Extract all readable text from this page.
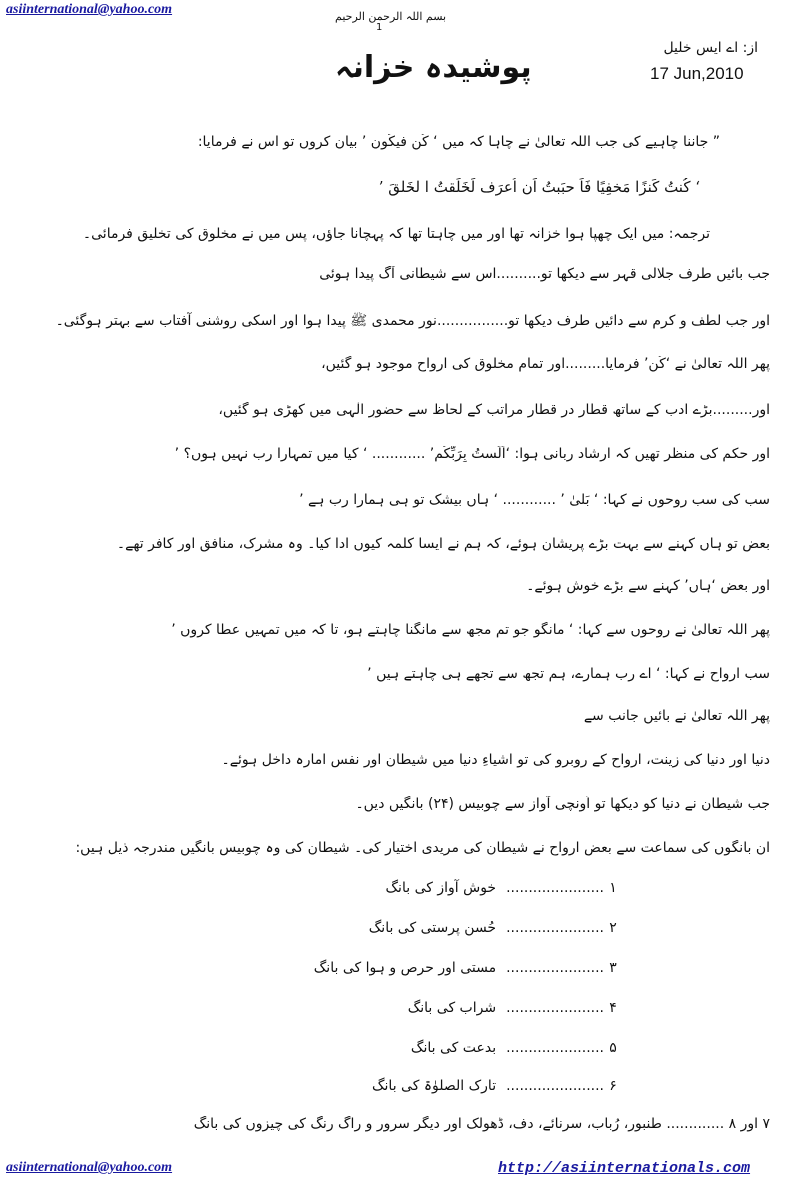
asiinternational@yahoo.com	بسم اللہ الرحمن الرحیم
1
از: اے ایس خلیل
17 Jun,2010
پوشیدہ خزانہ
” جاننا چاہیے کی جب اللہ تعالیٰ نے چاہا کہ میں ‘ کُن فیکُون ’ بیان کروں تو اس نے فرمایا:
‘ کُنتُ کَنزًا مَخفِیًا فَاَ حبَبتُ اَن اُعرَف لَخَلَقتُ ا لخَلقَ ’
ترجمہ: میں ایک چھپا ہوا خزانہ تھا اور میں چاہتا تھا کہ پہچانا جاؤں، پس میں نے مخلوق کی تخلیق فرمائی۔
جب بائیں طرف جلالی قہر سے دیکھا تو..........اس سے شیطانی آگ پیدا ہوئی
اور جب لطف و کرم سے دائیں طرف دیکھا تو................نور محمدی ﷺ پیدا ہوا اور اسکی روشنی آفتاب سے بہتر ہوگئی۔
پھر اللہ تعالیٰ نے ‘کُن’ فرمایا.........اور تمام مخلوق کی ارواح موجود ہو گئیں،
اور.........بڑے ادب کے ساتھ قطار در قطار مراتب کے لحاظ سے حضورِ الٰہی میں کھڑی ہو گئیں،
اور حکم کی منظر تھیں کہ ارشاد ربانی ہوا: ‘اَلَستُ بِرَبِّکُم’ ............ ‘ کیا میں تمہارا رب نہیں ہوں؟ ’
سب کی سب روحوں نے کہا: ‘ بَلیٰ ’ ............ ‘ ہاں بیشک تو ہی ہمارا رب ہے ’
بعض تو ہاں کہنے سے بہت بڑے پریشان ہوئے، کہ ہم نے ایسا کلمہ کیوں ادا کیا۔ وہ مشرک، منافق اور کافر تھے۔
اور بعض ‘ہاں’ کہنے سے بڑے خوش ہوئے۔
پھر اللہ تعالیٰ نے روحوں سے کہا: ‘ مانگو جو تم مجھ سے مانگنا چاہتے ہو، تا کہ میں تمہیں عطا کروں ’
سب ارواح نے کہا: ‘ اے رب ہمارے، ہم تجھ سے تجھے ہی چاہتے ہیں ’
پھر اللہ تعالیٰ نے بائیں جانب سے
دنیا اور دنیا کی زینت، ارواح کے روبرو کی تو اشیاءِ دنیا میں شیطان اور نفس امارہ داخل ہوئے۔
جب شیطان نے دنیا کو دیکھا تو اُونچی آواز سے چوبیس (۲۴) بانگیں دیں۔
ان بانگوں کی سماعت سے بعض ارواح نے شیطان کی مریدی اختیار کی۔ شیطان کی وہ چوبیس بانگیں مندرجہ ذیل ہیں:
۱......................خوش آواز کی بانگ
۲......................حُسن پرستی کی بانگ
۳......................مستی اور حرص و ہوا کی بانگ
۴......................شراب کی بانگ
۵......................بدعت کی بانگ
۶......................تارک الصلوٰۃ کی بانگ
۷ اور ۸ ............. طنبور، رُباب، سرنائے، دف، ڈھولک اور دیگر سرور و راگ رنگ کی چیزوں کی بانگ
asiinternational@yahoo.com	http://asiinternationals.com
